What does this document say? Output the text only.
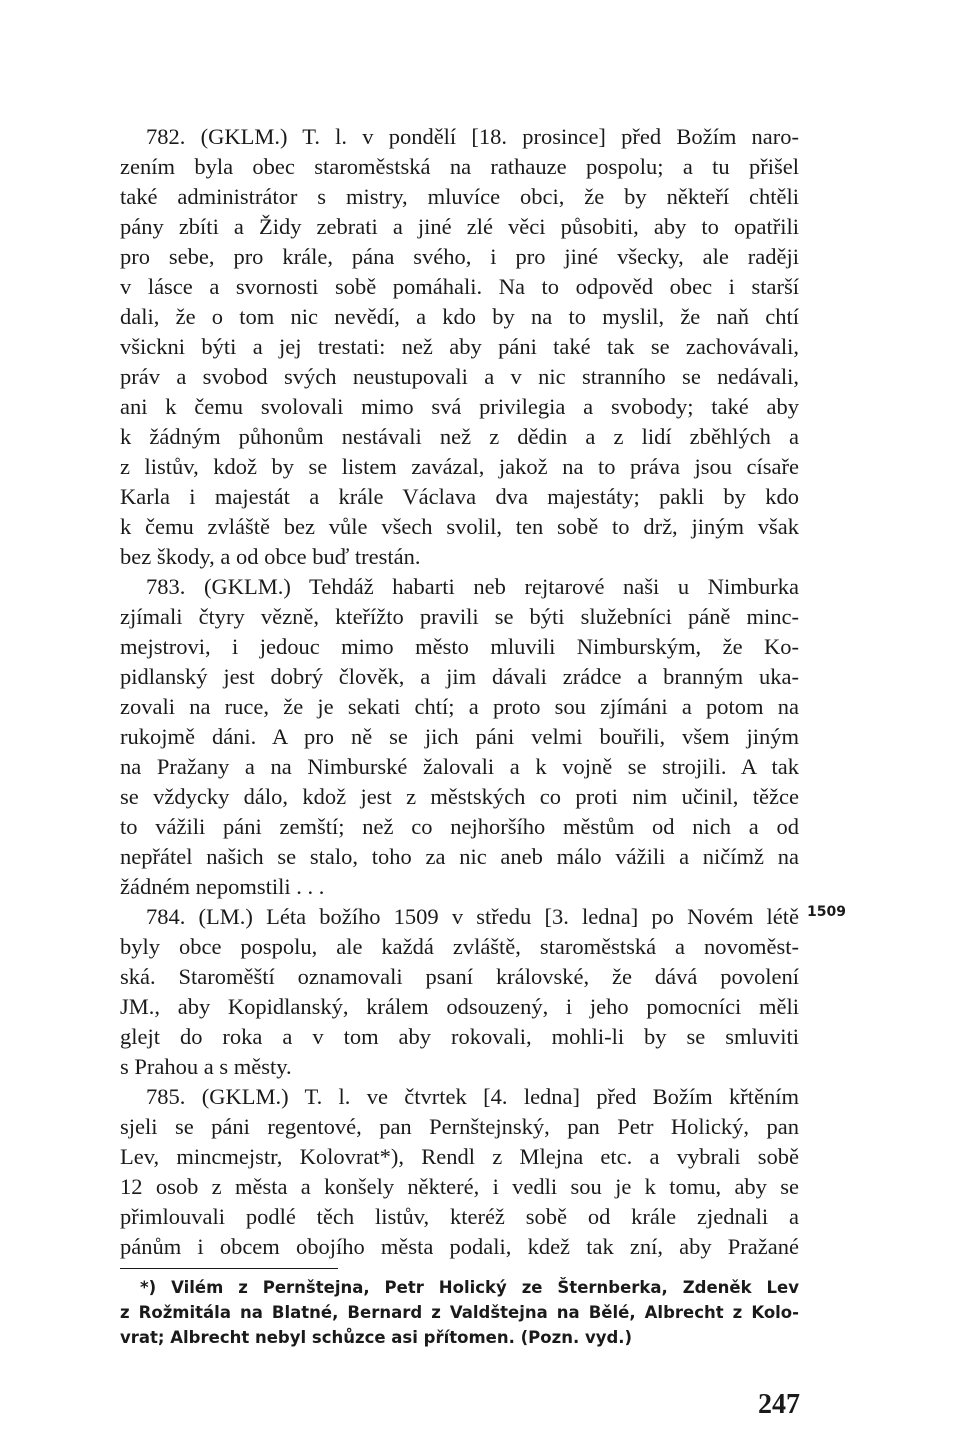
782. (GKLM.) T. l. v pondělí [18. prosince] před Božím naro-
zením byla obec staroměstská na rathauze pospolu; a tu přišel
také administrátor s mistry, mluvíce obci, že by někteří chtěli
pány zbíti a Židy zebrati a jiné zlé věci působiti, aby to opatřili
pro sebe, pro krále, pána svého, i pro jiné všecky, ale raději
v lásce a svornosti sobě pomáhali. Na to odpověd obec i starší
dali, že o tom nic nevědí, a kdo by na to myslil, že naň chtí
všickni býti a jej trestati: než aby páni také tak se zachovávali,
práv a svobod svých neustupovali a v nic stranního se nedávali,
ani k čemu svolovali mimo svá privilegia a svobody; také aby
k žádným půhonům nestávali než z dědin a z lidí zběhlých a
z listův, kdož by se listem zavázal, jakož na to práva jsou císaře
Karla i majestát a krále Václava dva majestáty; pakli by kdo
k čemu zvláště bez vůle všech svolil, ten sobě to drž, jiným však
bez škody, a od obce buď trestán.
783. (GKLM.) Tehdáž habarti neb rejtarové naši u Nimburka
zjímali čtyry vězně, kteřížto pravili se býti služebníci páně minc-
mejstrovi, i jedouc mimo město mluvili Nimburským, že Ko-
pidlanský jest dobrý člověk, a jim dávali zrádce a branným uka-
zovali na ruce, že je sekati chtí; a proto sou zjímáni a potom na
rukojmě dáni. A pro ně se jich páni velmi bouřili, všem jiným
na Pražany a na Nimburské žalovali a k vojně se strojili. A tak
se vždycky dálo, kdož jest z městských co proti nim učinil, těžce
to vážili páni zemští; než co nejhoršího městům od nich a od
nepřátel našich se stalo, toho za nic aneb málo vážili a ničímž na
žádném nepomstili . . .
784. (LM.) Léta božího 1509 v středu [3. ledna] po Novém létě
byly obce pospolu, ale každá zvláště, staroměstská a novoměst-
ská. Staroměští oznamovali psaní královské, že dává povolení
JM., aby Kopidlanský, králem odsouzený, i jeho pomocníci měli
glejt do roka a v tom aby rokovali, mohli-li by se smluviti
s Prahou a s městy.
785. (GKLM.) T. l. ve čtvrtek [4. ledna] před Božím křtěním
sjeli se páni regentové, pan Pernštejnský, pan Petr Holický, pan
Lev, mincmejstr, Kolovrat*), Rendl z Mlejna etc. a vybrali sobě
12 osob z města a konšely některé, i vedli sou je k tomu, aby se
přimlouvali podlé těch listův, kteréž sobě od krále zjednali a
pánům i obcem obojího města podali, kdež tak zní, aby Pražané
1509
*) Vilém z Pernštejna, Petr Holický ze Šternberka, Zdeněk Lev
z Rožmitála na Blatné, Bernard z Valdštejna na Bělé, Albrecht z Kolo-
vrat; Albrecht nebyl schůzce asi přítomen. (Pozn. vyd.)
247
